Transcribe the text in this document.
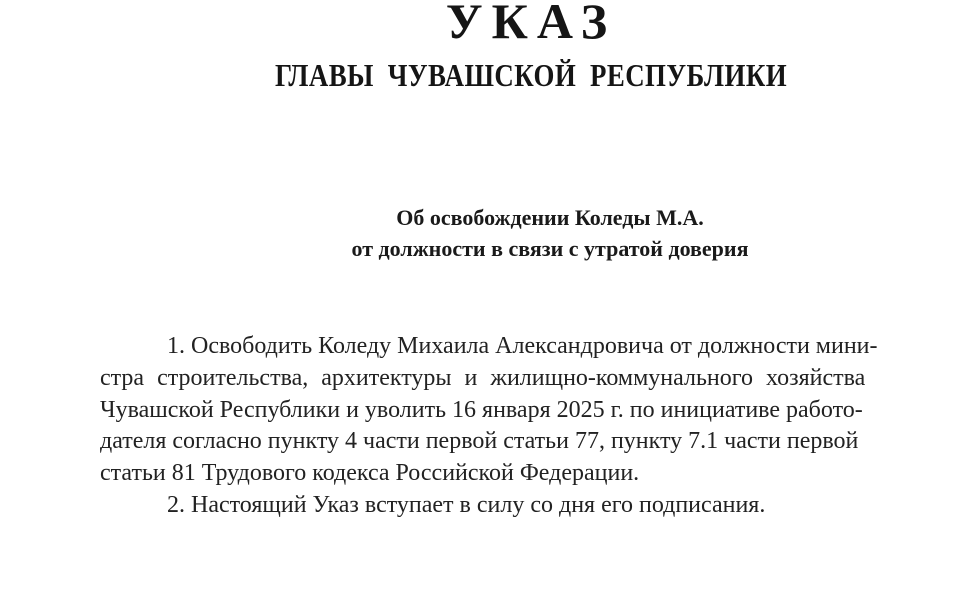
УКАЗ
ГЛАВЫ ЧУВАШСКОЙ РЕСПУБЛИКИ
Об освобождении Коледы М.А.
от должности в связи с утратой доверия
1. Освободить Коледу Михаила Александровича от должности мини-
стра строительства, архитектуры и жилищно-коммунального хозяйства
Чувашской Республики и уволить 16 января 2025 г. по инициативе работо-
дателя согласно пункту 4 части первой статьи 77, пункту 7.1 части первой
статьи 81 Трудового кодекса Российской Федерации.
2. Настоящий Указ вступает в силу со дня его подписания.
